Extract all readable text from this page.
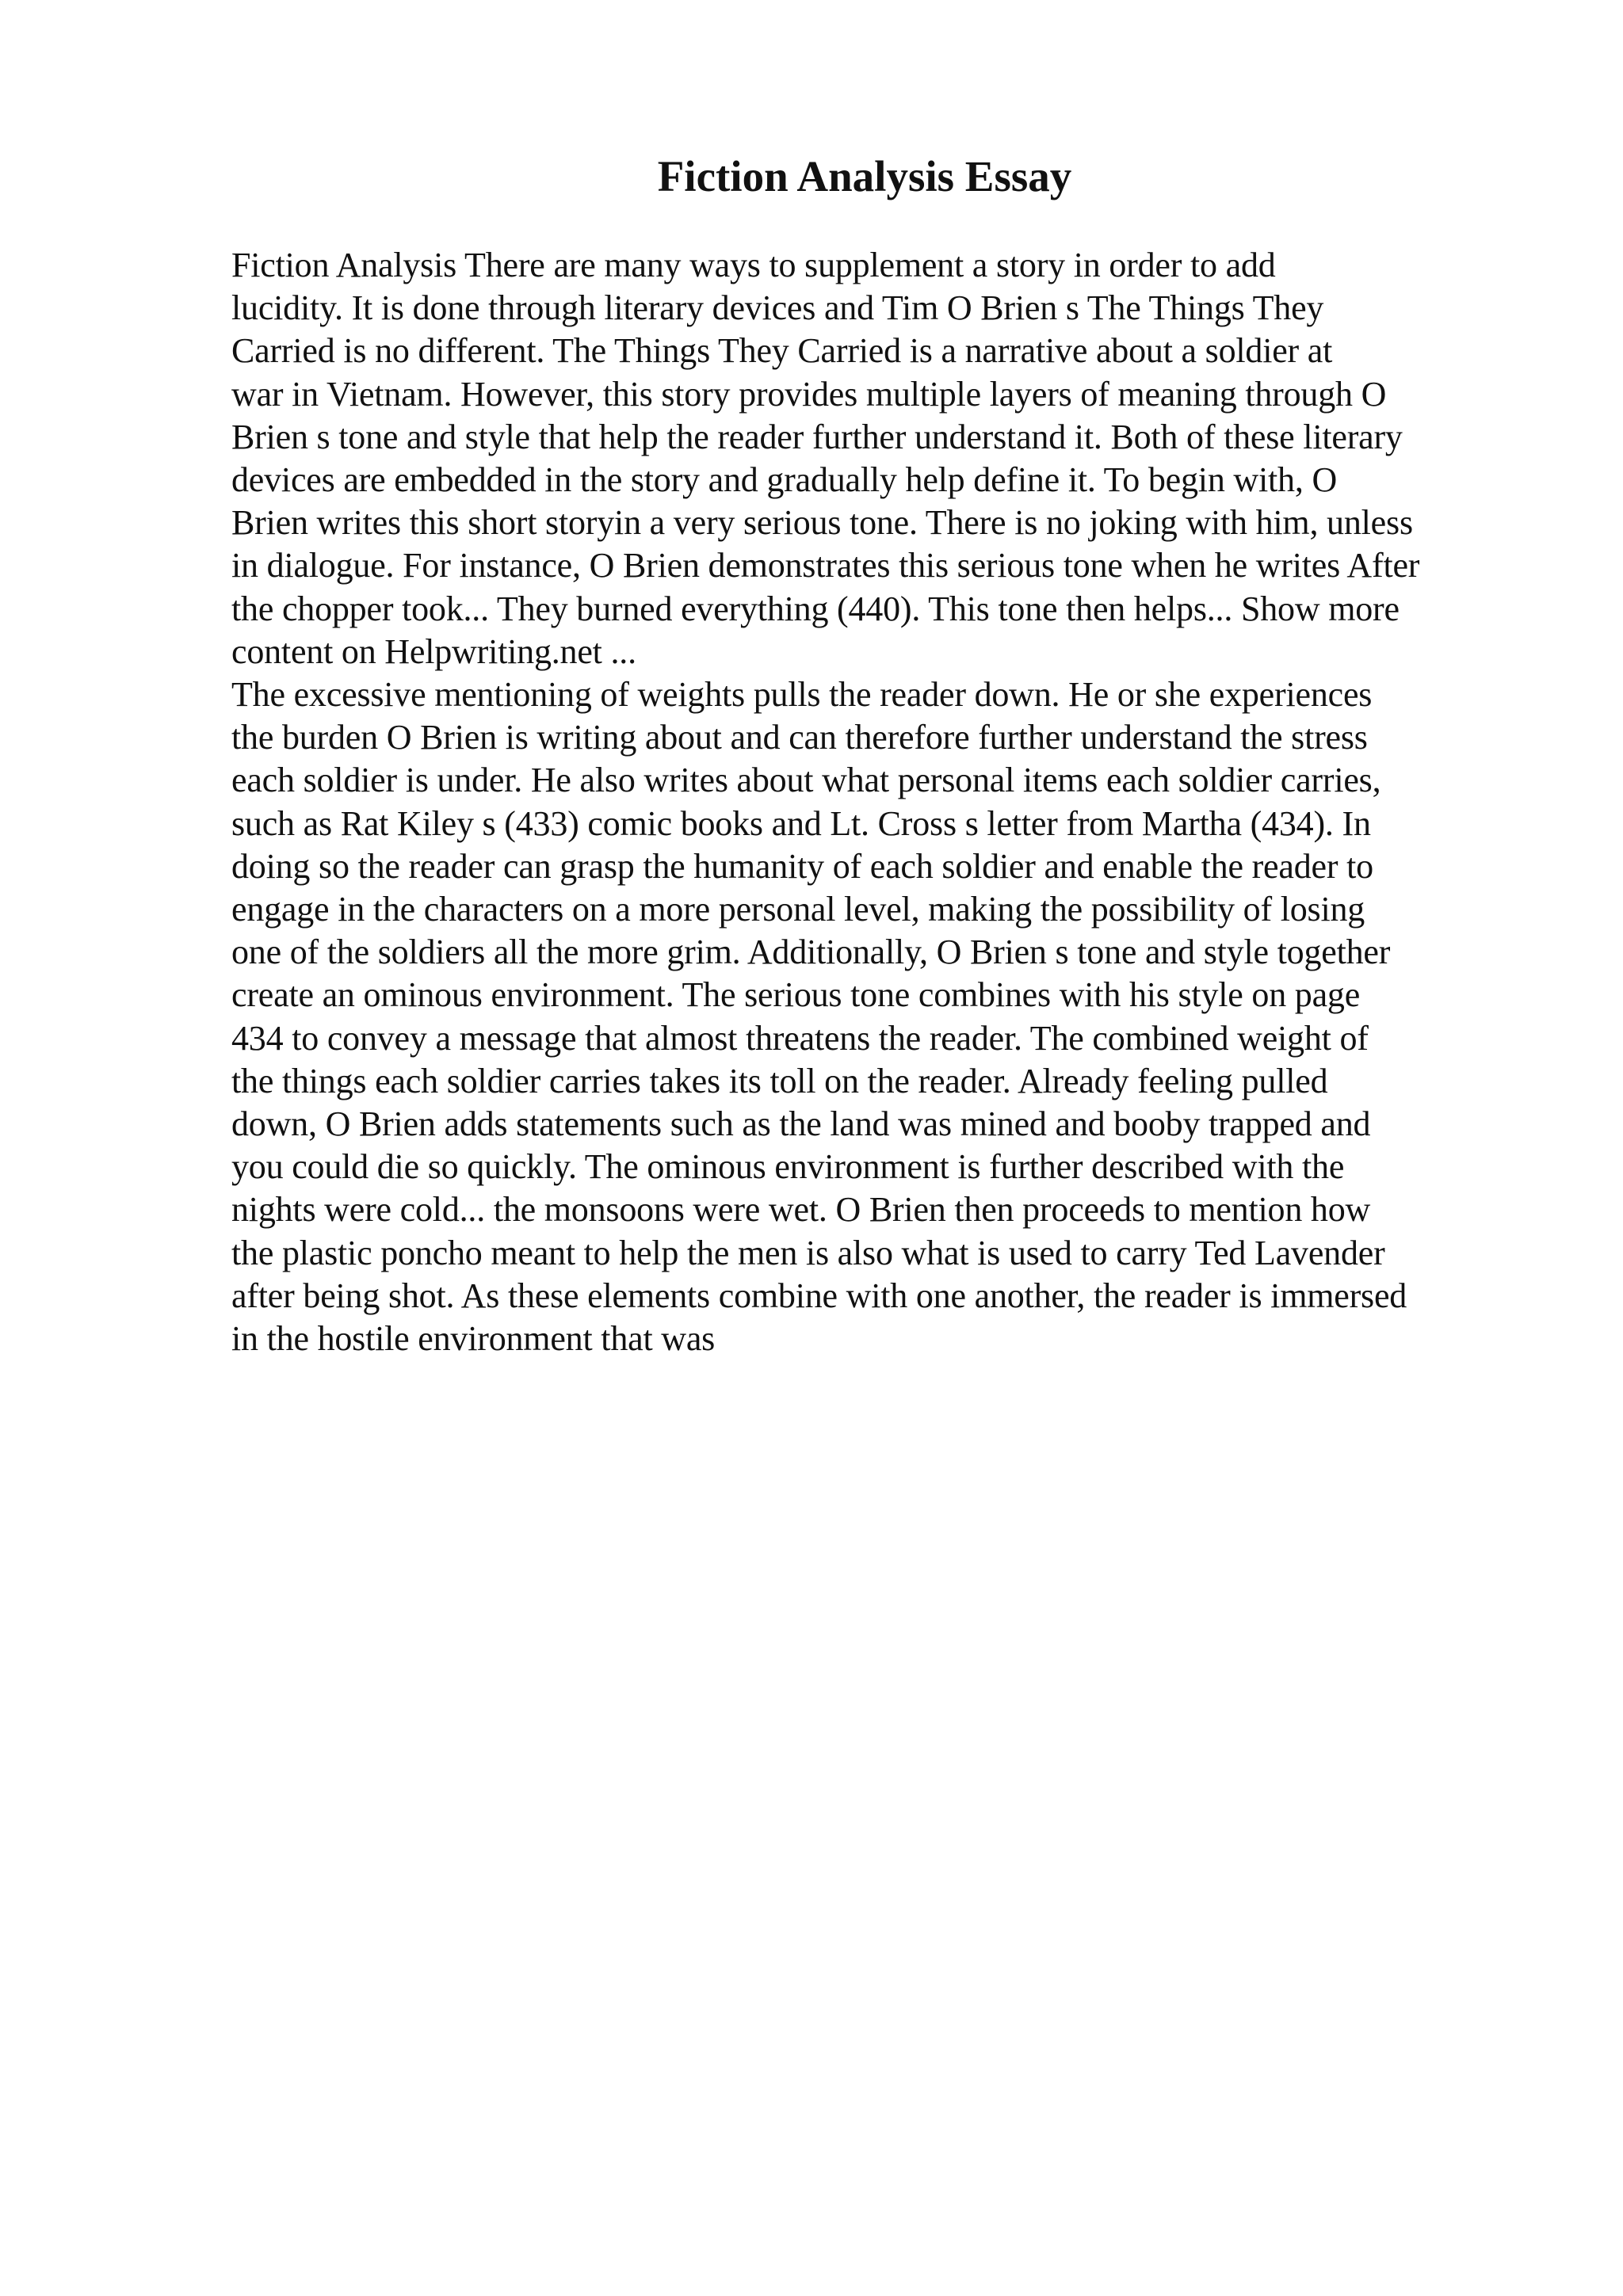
Fiction Analysis Essay
Fiction Analysis There are many ways to supplement a story in order to add
lucidity. It is done through literary devices and Tim O Brien s The Things They
Carried is no different. The Things They Carried is a narrative about a soldier at
war in Vietnam. However, this story provides multiple layers of meaning through O
Brien s tone and style that help the reader further understand it. Both of these literary
devices are embedded in the story and gradually help define it. To begin with, O
Brien writes this short storyin a very serious tone. There is no joking with him, unless
in dialogue. For instance, O Brien demonstrates this serious tone when he writes After
the chopper took... They burned everything (440). This tone then helps... Show more
content on Helpwriting.net ...
The excessive mentioning of weights pulls the reader down. He or she experiences
the burden O Brien is writing about and can therefore further understand the stress
each soldier is under. He also writes about what personal items each soldier carries,
such as Rat Kiley s (433) comic books and Lt. Cross s letter from Martha (434). In
doing so the reader can grasp the humanity of each soldier and enable the reader to
engage in the characters on a more personal level, making the possibility of losing
one of the soldiers all the more grim. Additionally, O Brien s tone and style together
create an ominous environment. The serious tone combines with his style on page
434 to convey a message that almost threatens the reader. The combined weight of
the things each soldier carries takes its toll on the reader. Already feeling pulled
down, O Brien adds statements such as the land was mined and booby trapped and
you could die so quickly. The ominous environment is further described with the
nights were cold... the monsoons were wet. O Brien then proceeds to mention how
the plastic poncho meant to help the men is also what is used to carry Ted Lavender
after being shot. As these elements combine with one another, the reader is immersed
in the hostile environment that was
